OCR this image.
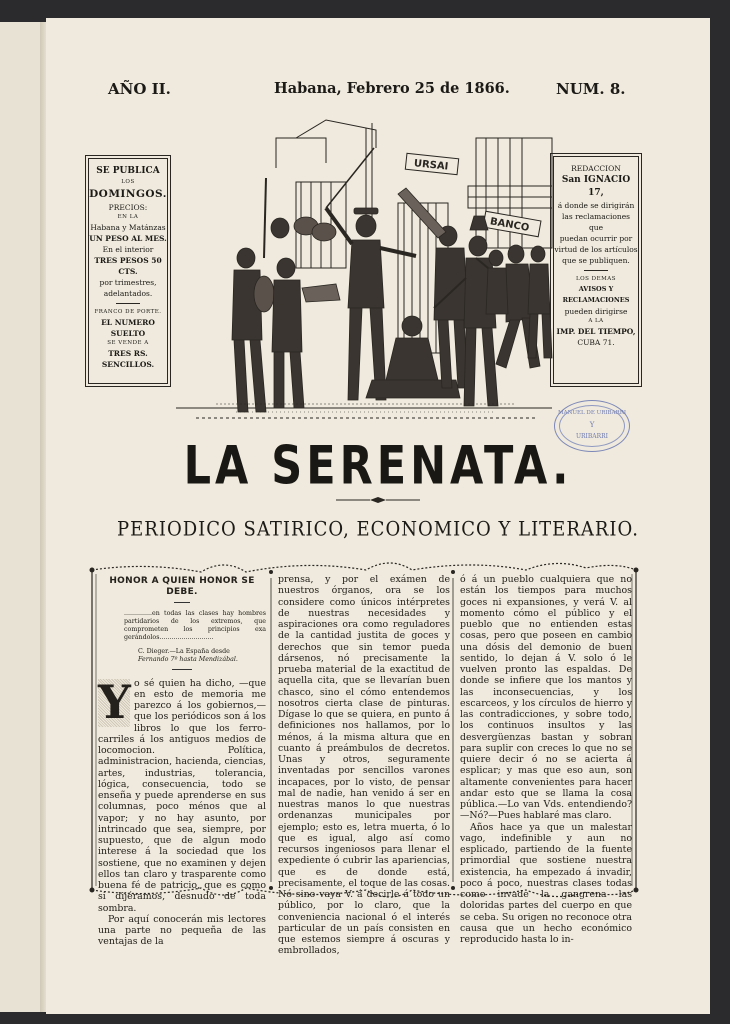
AÑO II.	Habana, Febrero 25 de 1866.	NUM. 8.
SE PUBLICA
LOS
DOMINGOS.
PRECIOS:
EN LA
Habana y Matánzas
UN PESO AL MES.
En el interior
TRES PESOS 50 CTS.
por trimestres, adelantados.
FRANCO DE PORTE.
EL NUMERO SUELTO
SE VENDE A
TRES RS. SENCILLOS.
REDACCION
San IGNACIO 17,
á donde se dirigirán
las reclamaciones que
puedan ocurrir por
virtud de los artículos
que se publiquen.
LOS DEMAS
AVISOS Y RECLAMACIONES
pueden dirigirse
A LA
IMP. DEL TIEMPO,
CUBA 71.
URSAI
BANCO
MANUEL DE URIBARRI
Y
URIBARRI
LA SERENATA.
PERIODICO SATIRICO, ECONOMICO Y LITERARIO.
HONOR A QUIEN HONOR SE DEBE.
..............en todas las clases hay hombres partidarios de los extremos, que comprometen los principios exa gerándolos...........................
C. Dieger.—La España desde
Fernando 7º hasta Mendizábal.
Y o sé quien ha dicho, —que en esto de memoria me parezco á los gobiernos,— que los periódicos son á los libros lo que los ferro-carriles á los antiguos medios de locomocion. Política, administracion, hacienda, ciencias, artes, industrias, tolerancia, lógica, consecuencia, todo se enseña y puede aprenderse en sus columnas, poco ménos que al vapor; y no hay asunto, por intrincado que sea, siempre, por supuesto, que de algun modo interese á la sociedad que los sostiene, que no examinen y dejen ellos tan claro y trasparente como buena fé de patricio, que es como si dijéramos, desnudo de toda sombra.

Por aquí conocerán mis lectores una parte no pequeña de las ventajas de la

prensa, y por el exámen de nuestros órganos, ora se los considere como únicos intérpretes de nuestras necesidades y aspiraciones ora como reguladores de la cantidad justita de goces y derechos que sin temor pueda dársenos, nó precisamente la prueba material de la exactitud de aquella cita, que se llevarían buen chasco, sino el cómo entendemos nosotros cierta clase de pinturas. Dígase lo que se quiera, en punto á definiciones nos hallamos, por lo ménos, á la misma altura que en cuanto á preámbulos de decretos. Unas y otros, seguramente inventadas por sencillos varones incapaces, por lo visto, de pensar mal de nadie, han venido á ser en nuestras manos lo que nuestras ordenanzas municipales por ejemplo; esto es, letra muerta, ó lo que es igual, algo así como recursos ingeniosos para llenar el expediente ó cubrir las apariencias, que es de donde está, precisamente, el toque de las cosas. Nó sino vaya V. á decirle á todo un público, por lo claro, que la conveniencia nacional ó el interés particular de un país consisten en que estemos siempre á oscuras y embrollados,

ó á un pueblo cualquiera que no están los tiempos para muchos goces ni expansiones, y verá V. al momento cómo el público y el pueblo que no entienden estas cosas, pero que poseen en cambio una dósis del demonio de buen sentido, lo dejan á V. solo ó le vuelven pronto las espaldas. De donde se infiere que los mantos y las inconsecuencias, y los escarceos, y los círculos de hierro y las contradicciones, y sobre todo, los continuos insultos y las desvergüenzas bastan y sobran para suplir con creces lo que no se quiere decir ó no se acierta á esplicar; y mas que eso aun, son altamente convenientes para hacer andar esto que se llama la cosa pública.—Lo van Vds. entendiendo?—Nó?—Pues hablaré mas claro.

Años hace ya que un malestar vago, indefinible y aun no esplicado, partiendo de la fuente primordial que sostiene nuestra existencia, ha empezado á invadir, poco á poco, nuestras clases todas como invade la gangrena las doloridas partes del cuerpo en que se ceba. Su origen no reconoce otra causa que un hecho económico reproducido hasta lo in-
